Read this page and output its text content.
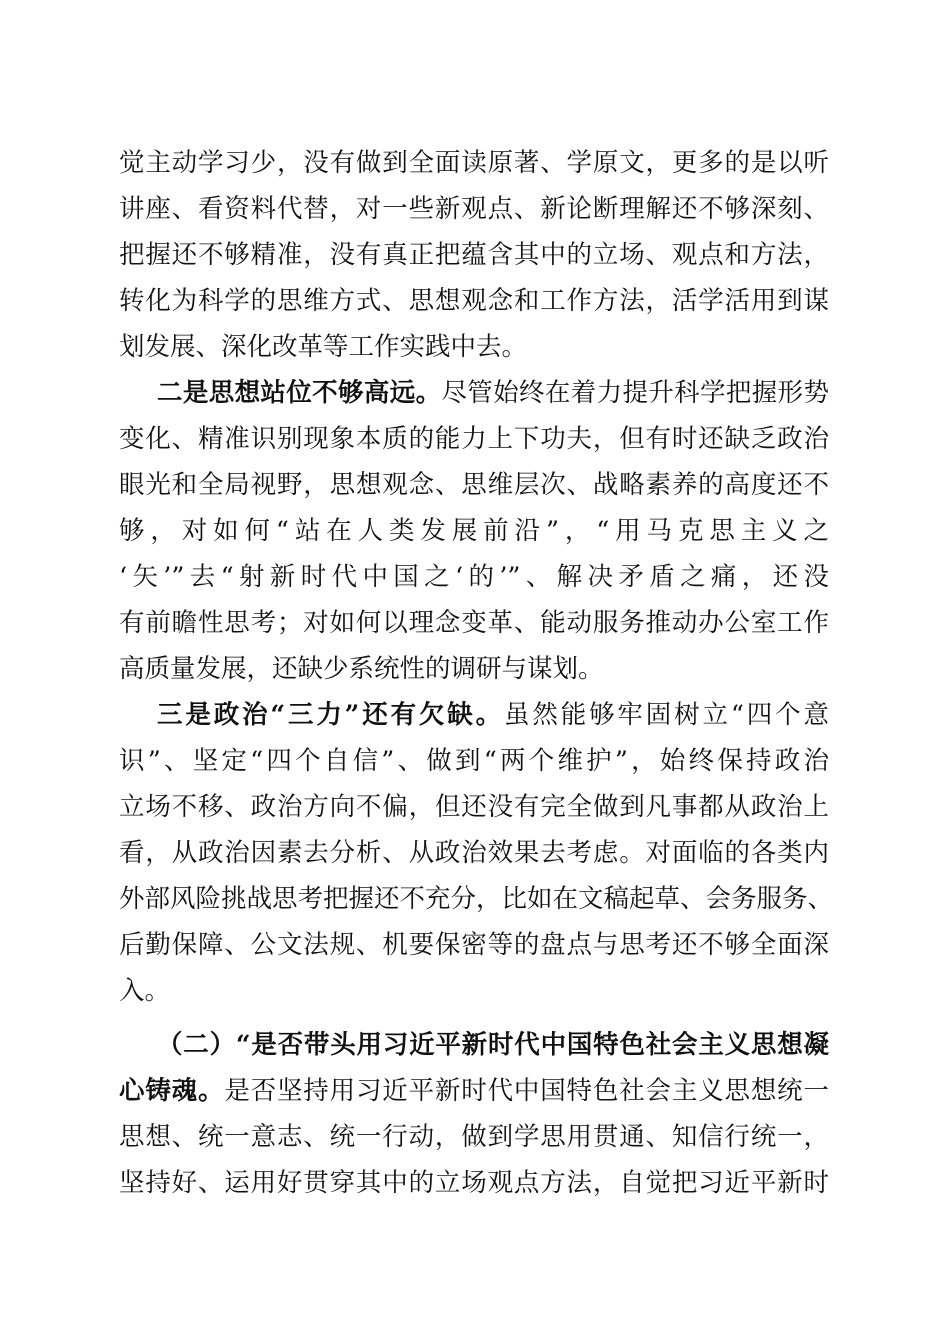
觉主动学习少，没有做到全面读原著、学原文，更多的是以听
讲座、看资料代替，对一些新观点、新论断理解还不够深刻、
把握还不够精准，没有真正把蕴含其中的立场、观点和方法，
转化为科学的思维方式、思想观念和工作方法，活学活用到谋
划发展、深化改革等工作实践中去。
二是思想站位不够高远。尽管始终在着力提升科学把握形势
变化、精准识别现象本质的能力上下功夫，但有时还缺乏政治
眼光和全局视野，思想观念、思维层次、战略素养的高度还不
够，对如何“站在人类发展前沿”，“用马克思主义之
‘矢’”去“射新时代中国之‘的’”、解决矛盾之痛，还没
有前瞻性思考；对如何以理念变革、能动服务推动办公室工作
高质量发展，还缺少系统性的调研与谋划。
三是政治“三力”还有欠缺。虽然能够牢固树立“四个意
识”、坚定“四个自信”、做到“两个维护”，始终保持政治
立场不移、政治方向不偏，但还没有完全做到凡事都从政治上
看，从政治因素去分析、从政治效果去考虑。对面临的各类内
外部风险挑战思考把握还不充分，比如在文稿起草、会务服务、
后勤保障、公文法规、机要保密等的盘点与思考还不够全面深
入。
（二）“是否带头用习近平新时代中国特色社会主义思想凝
心铸魂。是否坚持用习近平新时代中国特色社会主义思想统一
思想、统一意志、统一行动，做到学思用贯通、知信行统一，
坚持好、运用好贯穿其中的立场观点方法，自觉把习近平新时
